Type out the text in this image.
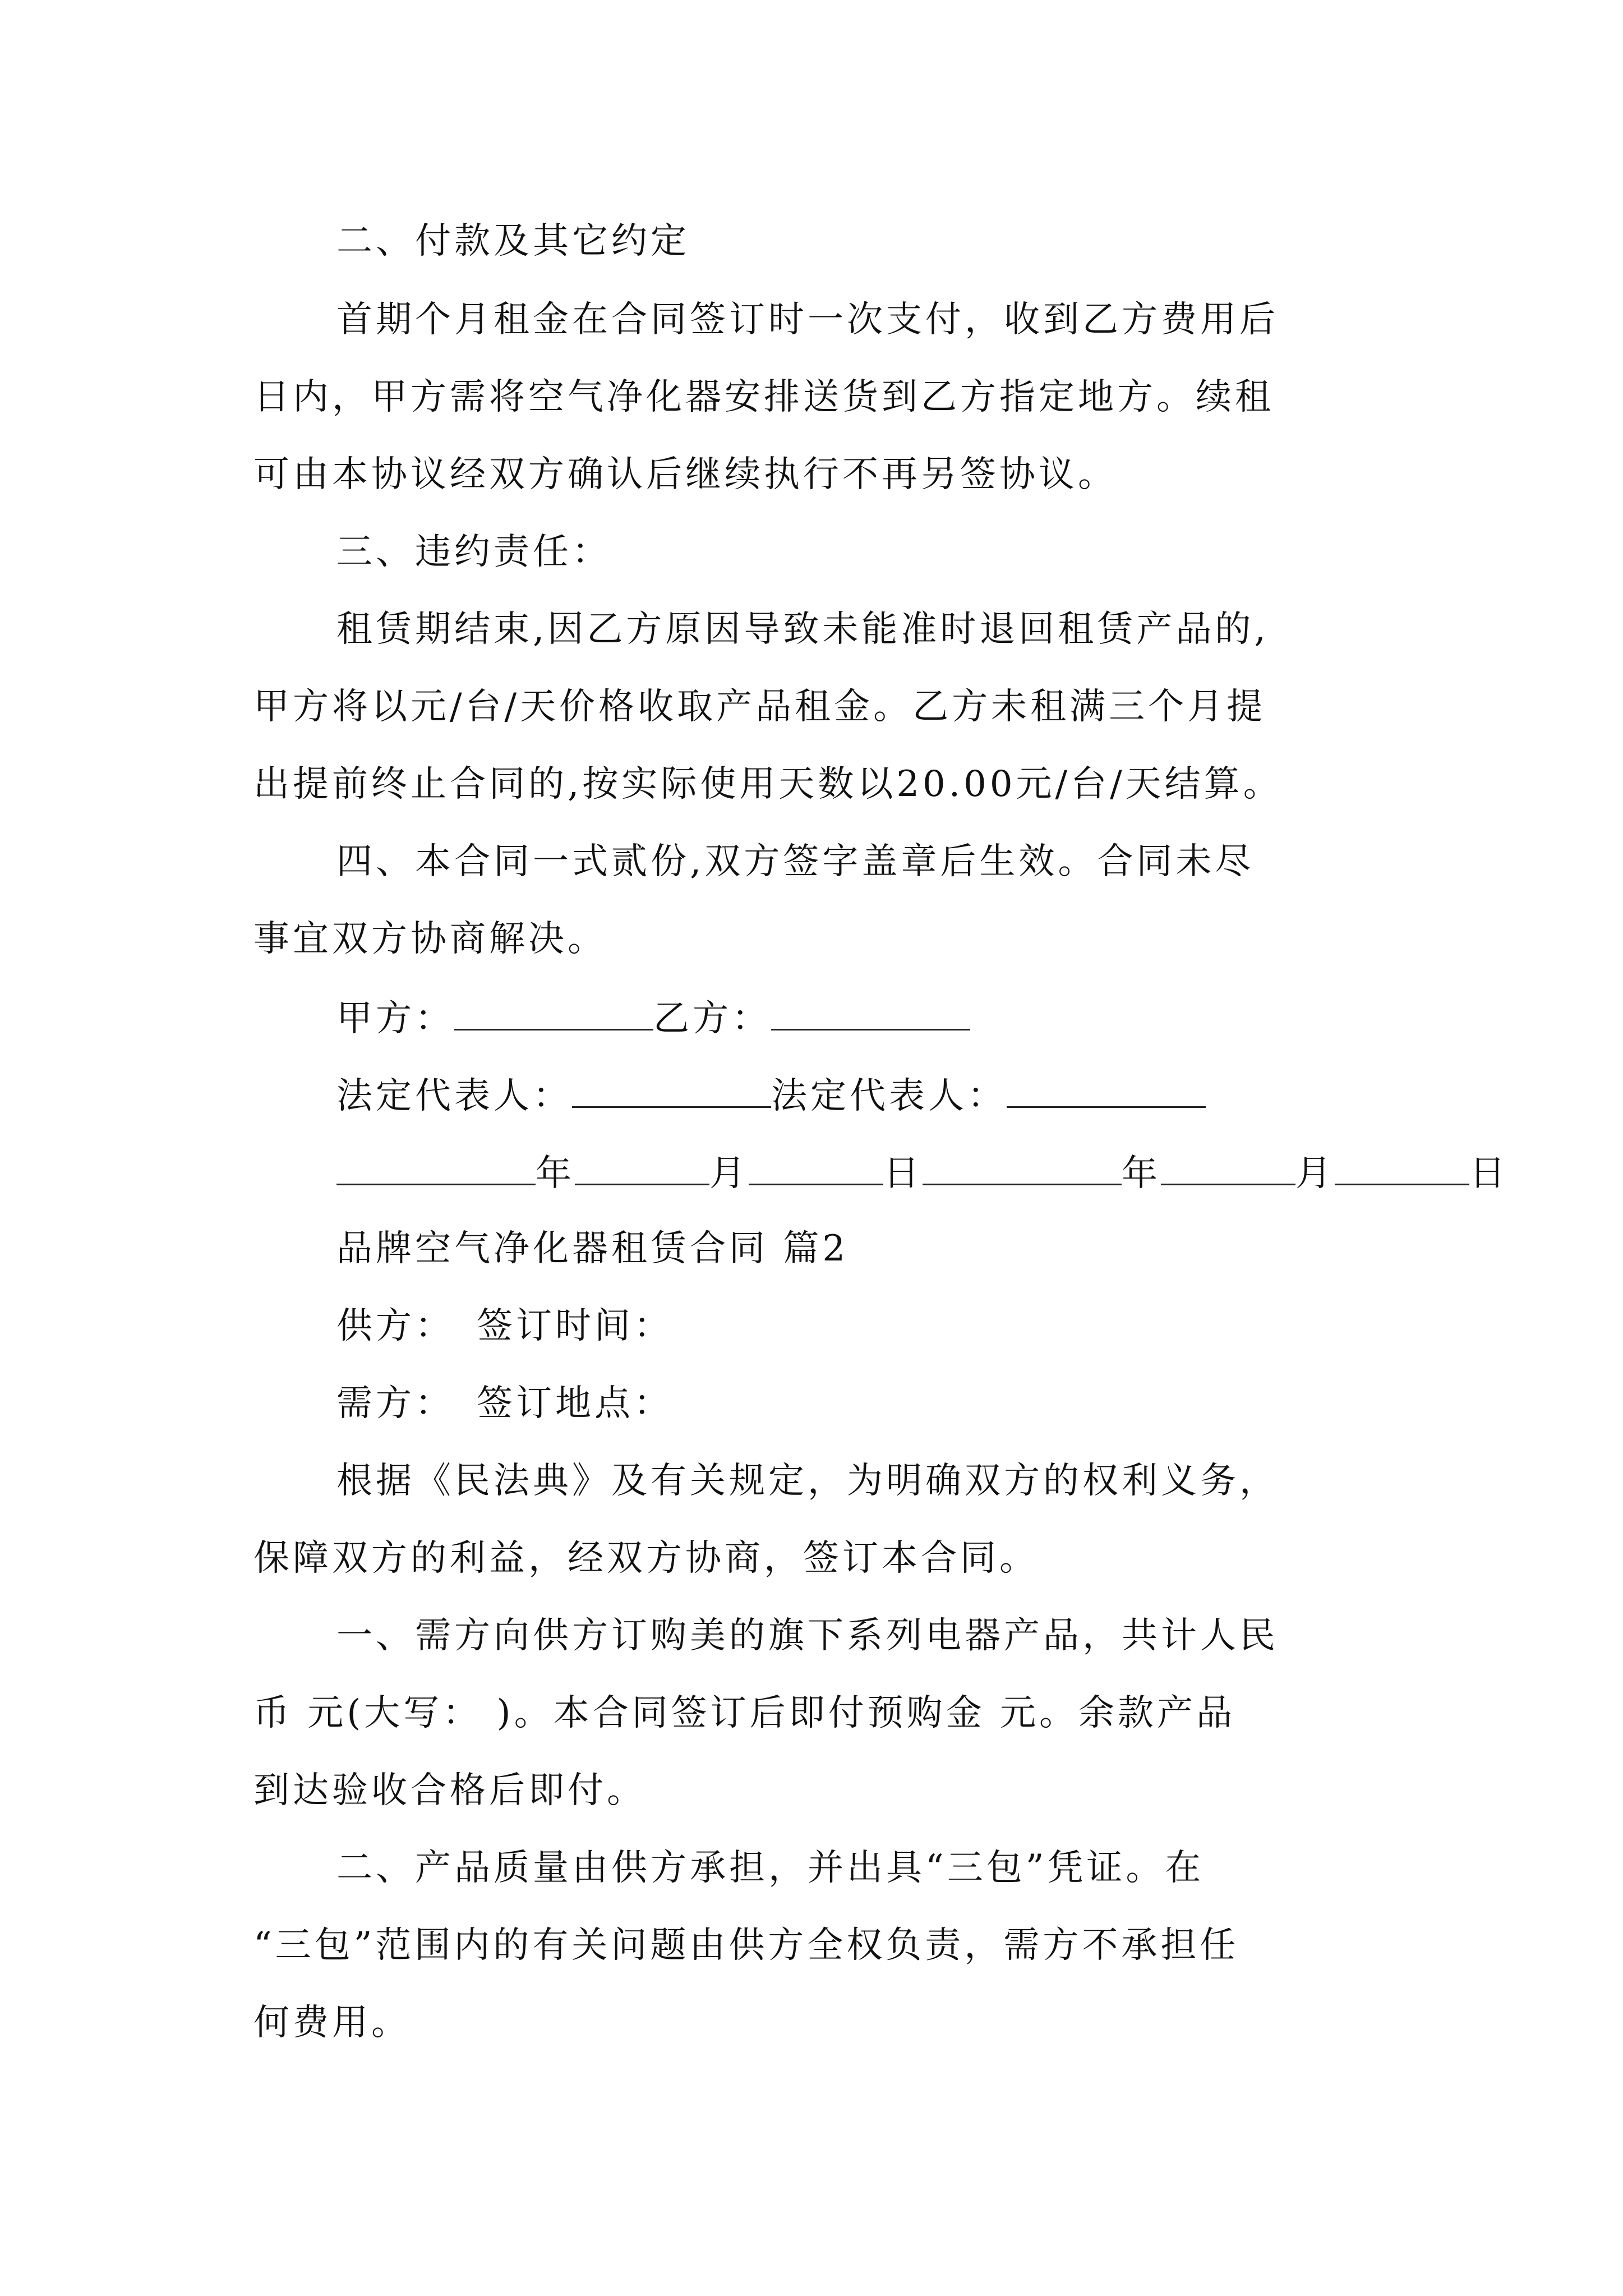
二、付款及其它约定
首期个月租金在合同签订时一次支付，收到乙方费用后
日内，甲方需将空气净化器安排送货到乙方指定地方。续租
可由本协议经双方确认后继续执行不再另签协议。
三、违约责任：
租赁期结束,因乙方原因导致未能准时退回租赁产品的,
甲方将以元/台/天价格收取产品租金。乙方未租满三个月提
出提前终止合同的,按实际使用天数以20.00元/台/天结算。
四、本合同一式贰份,双方签字盖章后生效。合同未尽
事宜双方协商解决。
甲方：	乙方：
法定代表人：	法定代表人：
年	月	日	年	月	日
品牌空气净化器租赁合同 篇2
供方： 签订时间：
需方： 签订地点：
根据《民法典》及有关规定，为明确双方的权利义务，
保障双方的利益，经双方协商，签订本合同。
一、需方向供方订购美的旗下系列电器产品，共计人民
币 元(大写： )。本合同签订后即付预购金 元。余款产品
到达验收合格后即付。
二、产品质量由供方承担，并出具“三包”凭证。在
“三包”范围内的有关问题由供方全权负责，需方不承担任
何费用。
